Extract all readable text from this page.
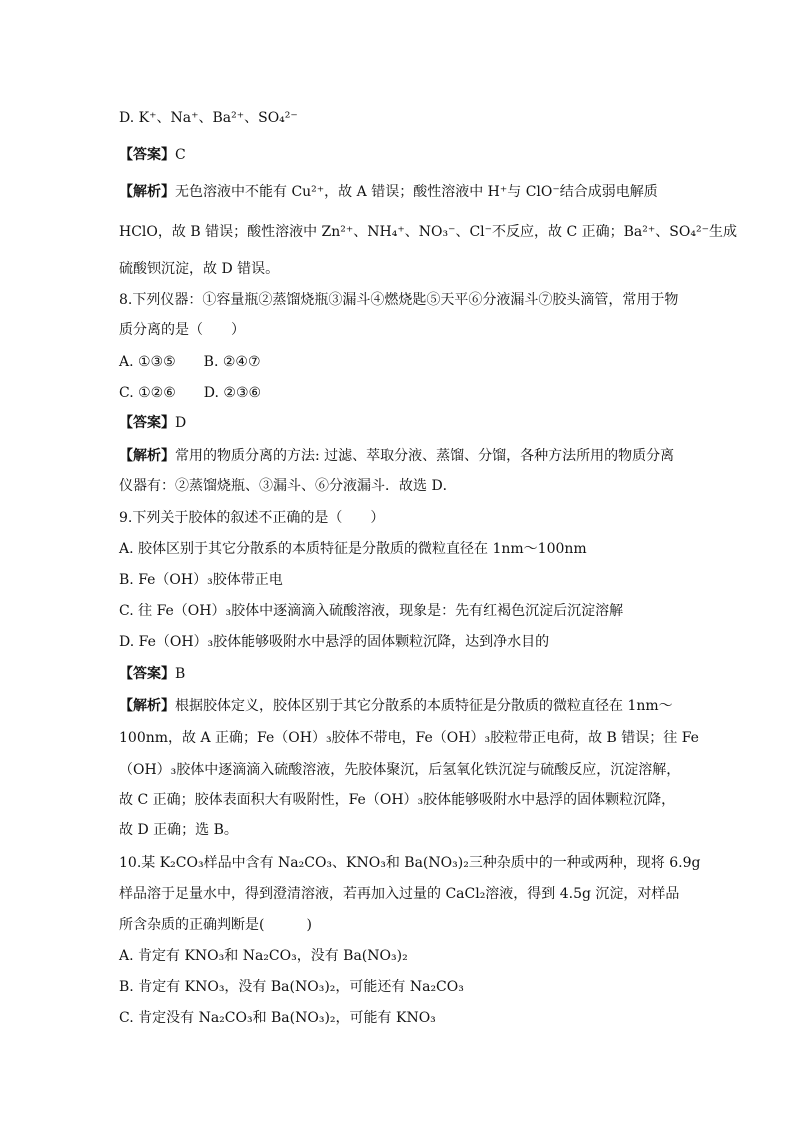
D. K⁺、Na⁺、Ba²⁺、SO₄²⁻
【答案】C
【解析】无色溶液中不能有 Cu²⁺，故 A 错误；酸性溶液中 H⁺与 ClO⁻结合成弱电解质
HClO，故 B 错误；酸性溶液中 Zn²⁺、NH₄⁺、NO₃⁻、Cl⁻不反应，故 C 正确；Ba²⁺、SO₄²⁻生成
硫酸钡沉淀，故 D 错误。
8.下列仪器：①容量瓶②蒸馏烧瓶③漏斗④燃烧匙⑤天平⑥分液漏斗⑦胶头滴管，常用于物
质分离的是（　　）
A. ①③⑤　　B. ②④⑦
C. ①②⑥　　D. ②③⑥
【答案】D
【解析】常用的物质分离的方法: 过滤、萃取分液、蒸馏、分馏，各种方法所用的物质分离
仪器有：②蒸馏烧瓶、③漏斗、⑥分液漏斗．故选 D．
9.下列关于胶体的叙述不正确的是（　　）
A. 胶体区别于其它分散系的本质特征是分散质的微粒直径在 1nm～100nm
B. Fe（OH）₃胶体带正电
C. 往 Fe（OH）₃胶体中逐滴滴入硫酸溶液，现象是：先有红褐色沉淀后沉淀溶解
D. Fe（OH）₃胶体能够吸附水中悬浮的固体颗粒沉降，达到净水目的
【答案】B
【解析】根据胶体定义，胶体区别于其它分散系的本质特征是分散质的微粒直径在 1nm～
100nm，故 A 正确；Fe（OH）₃胶体不带电，Fe（OH）₃胶粒带正电荷，故 B 错误；往 Fe
（OH）₃胶体中逐滴滴入硫酸溶液，先胶体聚沉，后氢氧化铁沉淀与硫酸反应，沉淀溶解，
故 C 正确；胶体表面积大有吸附性，Fe（OH）₃胶体能够吸附水中悬浮的固体颗粒沉降，
故 D 正确；选 B。
10.某 K₂CO₃样品中含有 Na₂CO₃、KNO₃和 Ba(NO₃)₂三种杂质中的一种或两种，现将 6.9g
样品溶于足量水中，得到澄清溶液，若再加入过量的 CaCl₂溶液，得到 4.5g 沉淀，对样品
所含杂质的正确判断是(　　　)
A. 肯定有 KNO₃和 Na₂CO₃，没有 Ba(NO₃)₂
B. 肯定有 KNO₃，没有 Ba(NO₃)₂，可能还有 Na₂CO₃
C. 肯定没有 Na₂CO₃和 Ba(NO₃)₂，可能有 KNO₃
